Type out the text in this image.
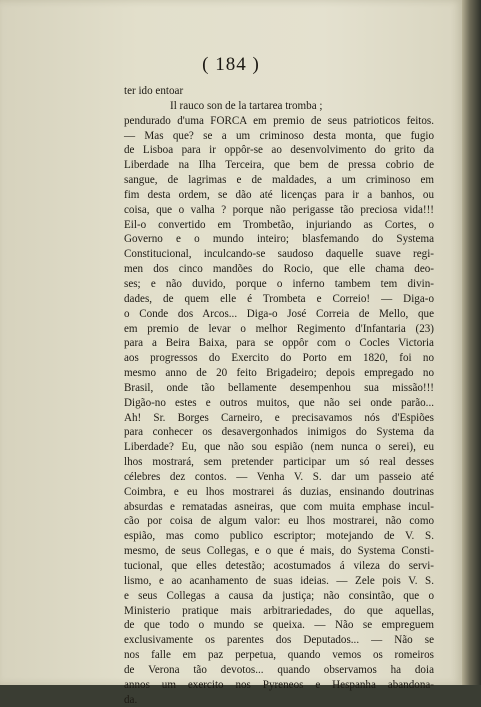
( 184 )
ter ido entoar
Il rauco son de la tartarea tromba ;
pendurado d'uma FORCA em premio de seus patrioticos feitos.
— Mas que? se a um criminoso desta monta, que fugio
de Lisboa para ir oppôr-se ao desenvolvimento do grito da
Liberdade na Ilha Terceira, que bem de pressa cobrio de
sangue, de lagrimas e de maldades, a um criminoso em
fim desta ordem, se dão até licenças para ir a banhos, ou
coisa, que o valha ? porque não perigasse tão preciosa vida!!!
Eil-o convertido em Trombetão, injuriando as Cortes, o
Governo e o mundo inteiro; blasfemando do Systema
Constitucional, inculcando-se saudoso daquelle suave regi-
men dos cinco mandões do Rocio, que elle chama deo-
ses; e não duvido, porque o inferno tambem tem divin-
dades, de quem elle é Trombeta e Correio! — Diga-o
o Conde dos Arcos... Diga-o José Correia de Mello, que
em premio de levar o melhor Regimento d'Infantaria (23)
para a Beira Baixa, para se oppôr com o Cocles Victoria
aos progressos do Exercito do Porto em 1820, foi no
mesmo anno de 20 feito Brigadeiro; depois empregado no
Brasil, onde tão bellamente desempenhou sua missão!!!
Digão-no estes e outros muitos, que não sei onde parão...
Ah! Sr. Borges Carneiro, e precisavamos nós d'Espiões
para conhecer os desavergonhados inimigos do Systema da
Liberdade? Eu, que não sou espião (nem nunca o serei), eu
lhos mostrará, sem pretender participar um só real desses
célebres dez contos. — Venha V. S. dar um passeio até
Coimbra, e eu lhos mostrarei ás duzias, ensinando doutrinas
absurdas e rematadas asneiras, que com muita emphase incul-
cão por coisa de algum valor: eu lhos mostrarei, não como
espião, mas como publico escriptor; motejando de V. S.
mesmo, de seus Collegas, e o que é mais, do Systema Consti-
tucional, que elles detestão; acostumados á vileza do servi-
lismo, e ao acanhamento de suas ideias. — Zele pois V. S.
e seus Collegas a causa da justiça; não consintão, que o
Ministerio pratique mais arbitrariedades, do que aquellas,
de que todo o mundo se queixa. — Não se empreguem
exclusivamente os parentes dos Deputados... — Não se
nos falle em paz perpetua, quando vemos os romeiros
de Verona tão devotos... quando observamos ha doia
annos um exercito nos Pyreneos e Hespanha abandona-
da.
